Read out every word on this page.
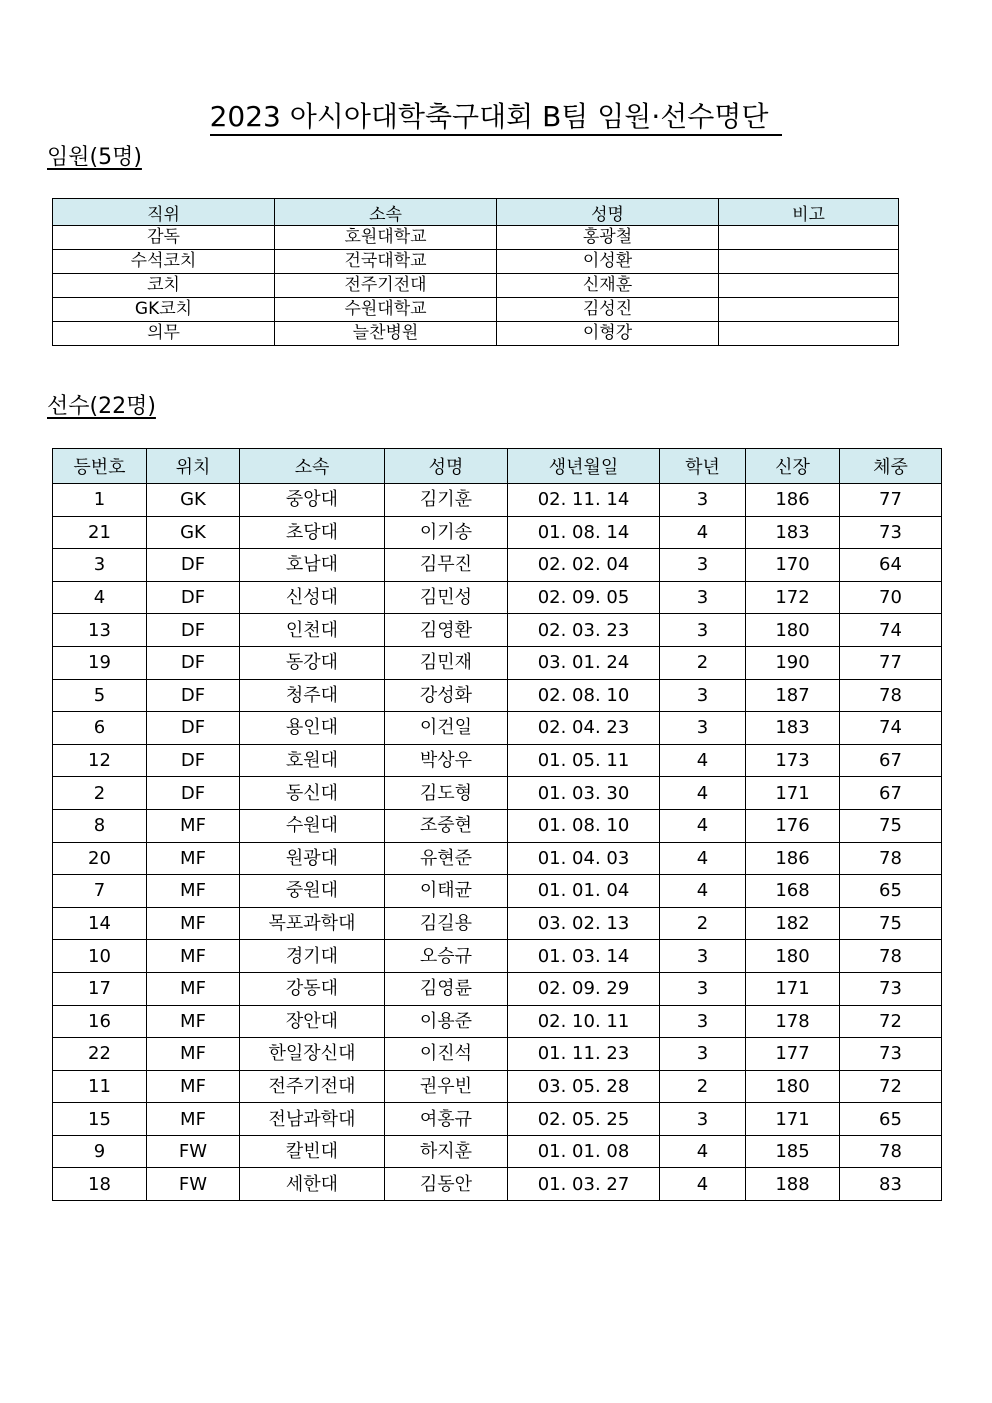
2023 아시아대학축구대회 B팀 임원·선수명단
임원(5명)
직위	소속	성명	비고
감독	호원대학교	홍광철	
수석코치	건국대학교	이성환	
코치	전주기전대	신재훈	
GK코치	수원대학교	김성진	
의무	늘찬병원	이형강	
선수(22명)
등번호	위치	소속	성명	생년월일	학년	신장	체중
1	GK	중앙대	김기훈	02. 11. 14	3	186	77
21	GK	초당대	이기송	01. 08. 14	4	183	73
3	DF	호남대	김무진	02. 02. 04	3	170	64
4	DF	신성대	김민성	02. 09. 05	3	172	70
13	DF	인천대	김영환	02. 03. 23	3	180	74
19	DF	동강대	김민재	03. 01. 24	2	190	77
5	DF	청주대	강성화	02. 08. 10	3	187	78
6	DF	용인대	이건일	02. 04. 23	3	183	74
12	DF	호원대	박상우	01. 05. 11	4	173	67
2	DF	동신대	김도형	01. 03. 30	4	171	67
8	MF	수원대	조중현	01. 08. 10	4	176	75
20	MF	원광대	유현준	01. 04. 03	4	186	78
7	MF	중원대	이태균	01. 01. 04	4	168	65
14	MF	목포과학대	김길용	03. 02. 13	2	182	75
10	MF	경기대	오승규	01. 03. 14	3	180	78
17	MF	강동대	김영륜	02. 09. 29	3	171	73
16	MF	장안대	이용준	02. 10. 11	3	178	72
22	MF	한일장신대	이진석	01. 11. 23	3	177	73
11	MF	전주기전대	권우빈	03. 05. 28	2	180	72
15	MF	전남과학대	여홍규	02. 05. 25	3	171	65
9	FW	칼빈대	하지훈	01. 01. 08	4	185	78
18	FW	세한대	김동안	01. 03. 27	4	188	83
